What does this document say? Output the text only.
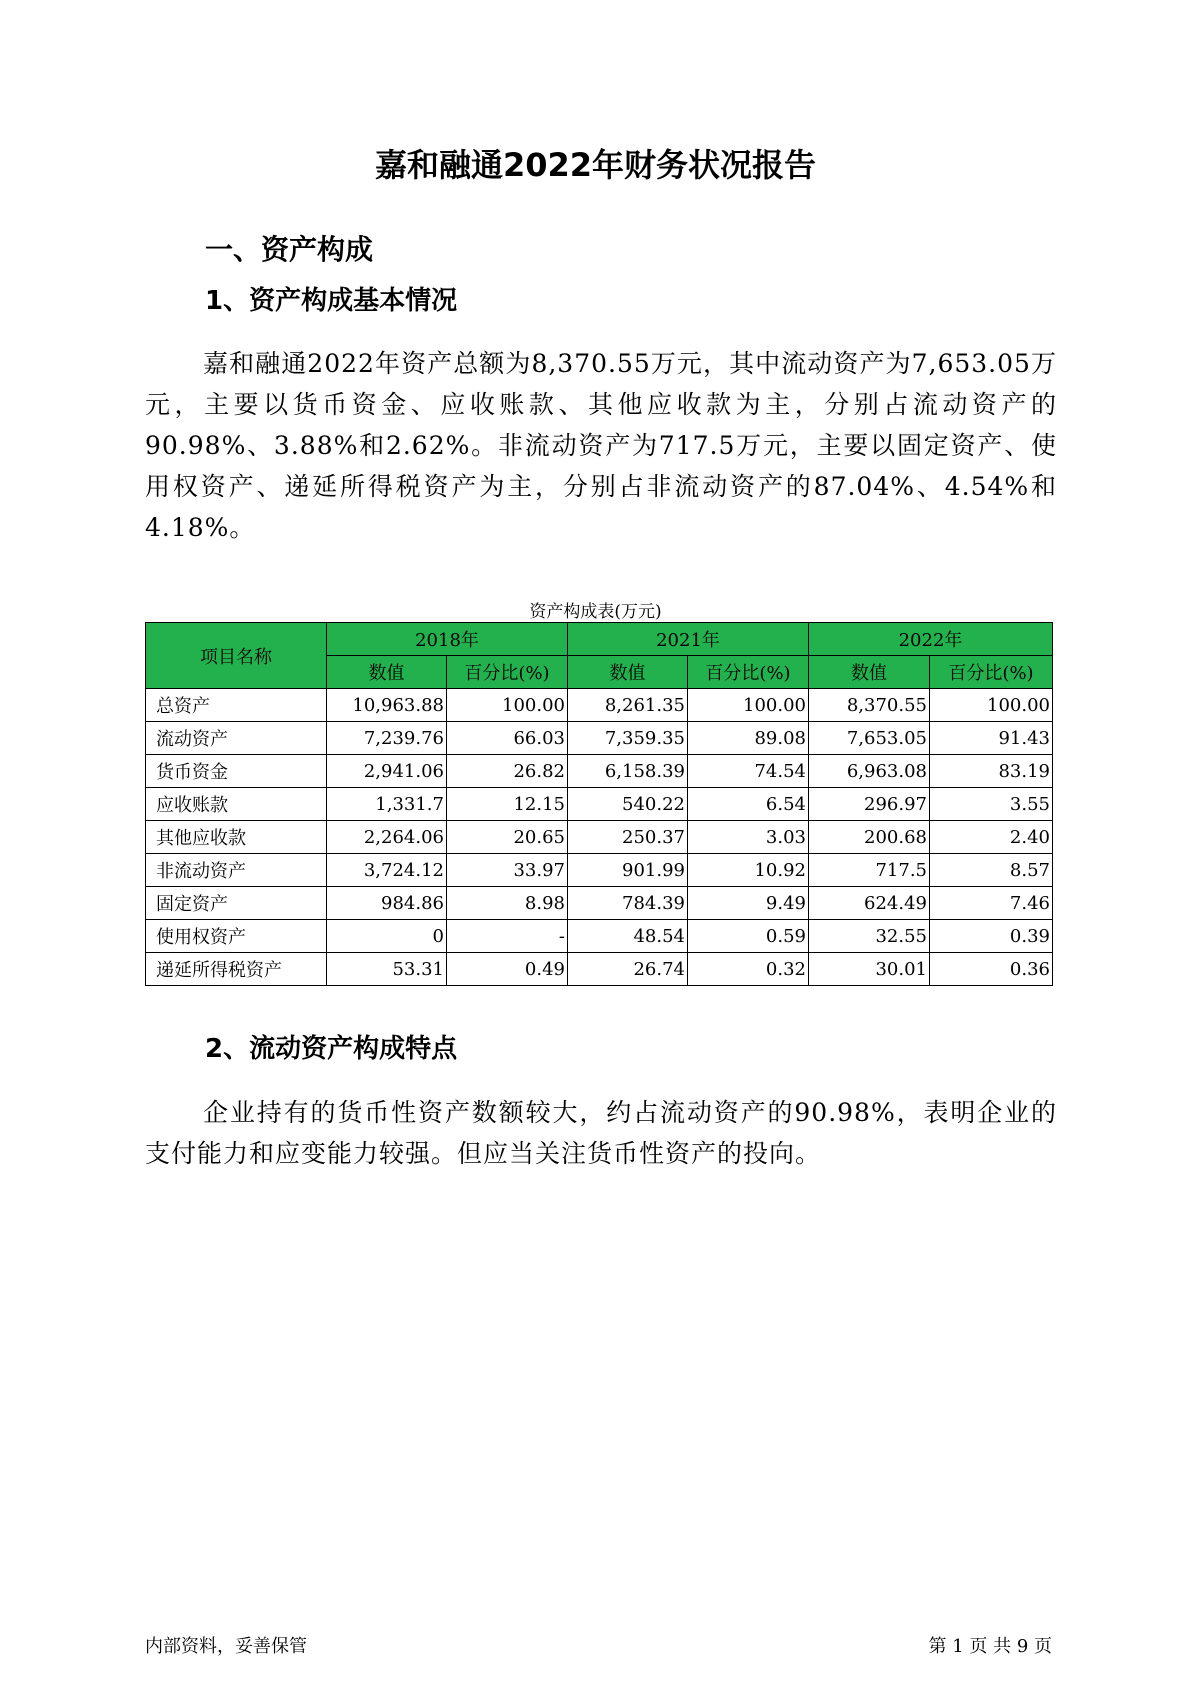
嘉和融通2022年财务状况报告
一、资产构成
1、资产构成基本情况
嘉和融通2022年资产总额为8,370.55万元，其中流动资产为7,653.05万元，主要以货币资金、应收账款、其他应收款为主，分别占流动资产的90.98%、3.88%和2.62%。非流动资产为717.5万元，主要以固定资产、使用权资产、递延所得税资产为主，分别占非流动资产的87.04%、4.54%和4.18%。
资产构成表(万元)
项目名称	2018年		2021年		2022年	
	数值	百分比(%)	数值	百分比(%)	数值	百分比(%)
总资产	10,963.88	100.00	8,261.35	100.00	8,370.55	100.00
流动资产	7,239.76	66.03	7,359.35	89.08	7,653.05	91.43
货币资金	2,941.06	26.82	6,158.39	74.54	6,963.08	83.19
应收账款	1,331.7	12.15	540.22	6.54	296.97	3.55
其他应收款	2,264.06	20.65	250.37	3.03	200.68	2.40
非流动资产	3,724.12	33.97	901.99	10.92	717.5	8.57
固定资产	984.86	8.98	784.39	9.49	624.49	7.46
使用权资产	0	-	48.54	0.59	32.55	0.39
递延所得税资产	53.31	0.49	26.74	0.32	30.01	0.36
2、流动资产构成特点
企业持有的货币性资产数额较大，约占流动资产的90.98%，表明企业的支付能力和应变能力较强。但应当关注货币性资产的投向。
内部资料，妥善保管	第 1 页 共 9 页
